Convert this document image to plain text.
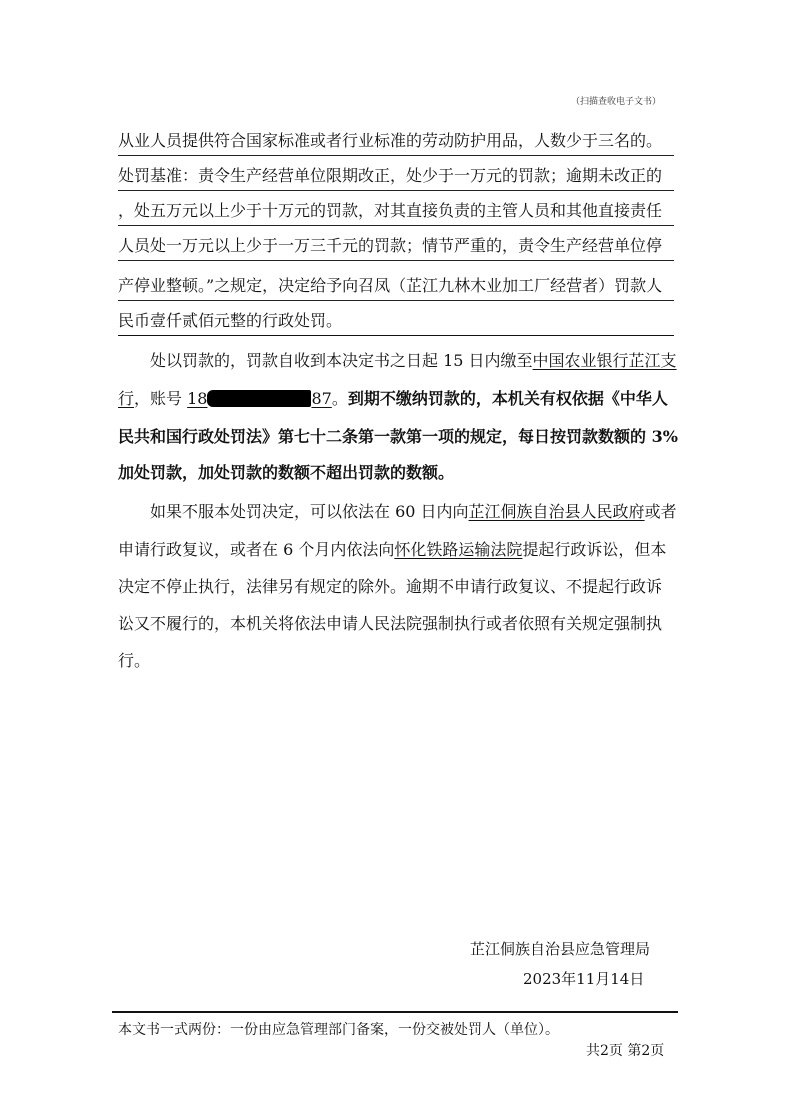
（扫描查收电子文书）
从业人员提供符合国家标准或者行业标准的劳动防护用品，人数少于三名的。
处罚基准：责令生产经营单位限期改正，处少于一万元的罚款；逾期未改正的
，处五万元以上少于十万元的罚款，对其直接负责的主管人员和其他直接责任
人员处一万元以上少于一万三千元的罚款；情节严重的，责令生产经营单位停
产停业整顿。”之规定，决定给予向召凤（芷江九林木业加工厂经营者）罚款人
民币壹仟贰佰元整的行政处罚。
处以罚款的，罚款自收到本决定书之日起 15 日内缴至中国农业银行芷江支
行，账号 18	87。到期不缴纳罚款的，本机关有权依据《中华人
民共和国行政处罚法》第七十二条第一款第一项的规定，每日按罚款数额的 3%
加处罚款，加处罚款的数额不超出罚款的数额。
如果不服本处罚决定，可以依法在 60 日内向芷江侗族自治县人民政府或者
申请行政复议，或者在 6 个月内依法向怀化铁路运输法院提起行政诉讼，但本
决定不停止执行，法律另有规定的除外。逾期不申请行政复议、不提起行政诉
讼又不履行的，本机关将依法申请人民法院强制执行或者依照有关规定强制执
行。
芷江侗族自治县应急管理局
2023年11月14日
本文书一式两份：一份由应急管理部门备案，一份交被处罚人（单位）。
共2页 第2页
